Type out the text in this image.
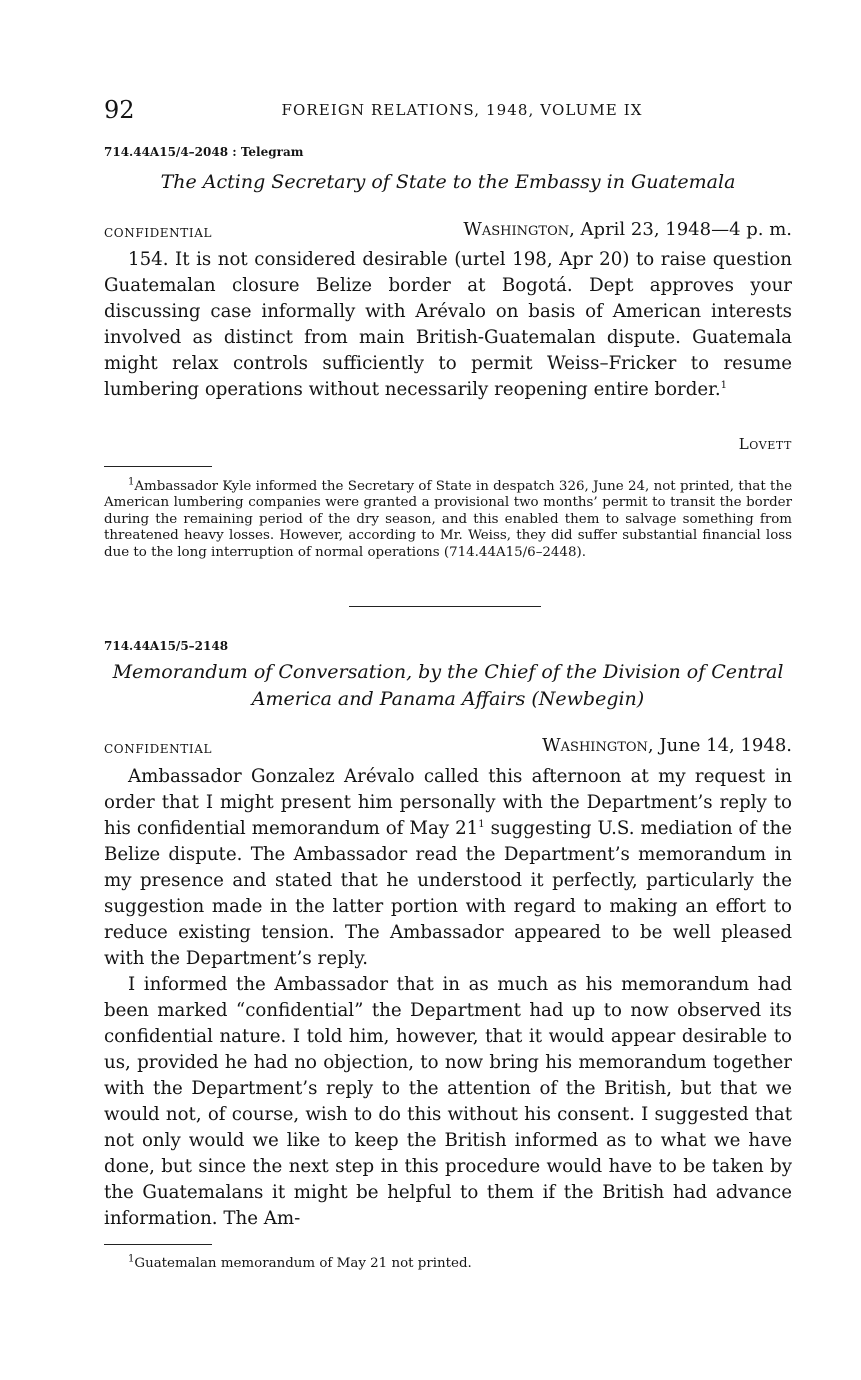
92	FOREIGN RELATIONS, 1948, VOLUME IX
714.44A15/4–2048 : Telegram
The Acting Secretary of State to the Embassy in Guatemala
CONFIDENTIAL	Washington, April 23, 1948—4 p. m.

154. It is not considered desirable (urtel 198, Apr 20) to raise question Guatemalan closure Belize border at Bogotá. Dept approves your discussing case informally with Arévalo on basis of American interests involved as distinct from main British-Guatemalan dispute. Guatemala might relax controls sufficiently to permit Weiss–Fricker to resume lumbering operations without necessarily reopening entire border.$^1$

Lovett

$^1$Ambassador Kyle informed the Secretary of State in despatch 326, June 24, not printed, that the American lumbering companies were granted a provisional two months’ permit to transit the border during the remaining period of the dry season, and this enabled them to salvage something from threatened heavy losses. However, according to Mr. Weiss, they did suffer substantial financial loss due to the long interruption of normal operations (714.44A15/6–2448).

714.44A15/5–2148
Memorandum of Conversation, by the Chief of the Division of Central
America and Panama Affairs (Newbegin)
CONFIDENTIAL	Washington, June 14, 1948.

Ambassador Gonzalez Arévalo called this afternoon at my request in order that I might present him personally with the Department’s reply to his confidential memorandum of May $21^1$ suggesting U.S. mediation of the Belize dispute. The Ambassador read the Department’s memorandum in my presence and stated that he understood it perfectly, particularly the suggestion made in the latter portion with regard to making an effort to reduce existing tension. The Ambassador appeared to be well pleased with the Department’s reply.

I informed the Ambassador that in as much as his memorandum had been marked “confidential” the Department had up to now observed its confidential nature. I told him, however, that it would appear desirable to us, provided he had no objection, to now bring his memorandum together with the Department’s reply to the attention of the British, but that we would not, of course, wish to do this without his consent. I suggested that not only would we like to keep the British informed as to what we have done, but since the next step in this procedure would have to be taken by the Guatemalans it might be helpful to them if the British had advance information. The Am-

$^1$Guatemalan memorandum of May 21 not printed.
